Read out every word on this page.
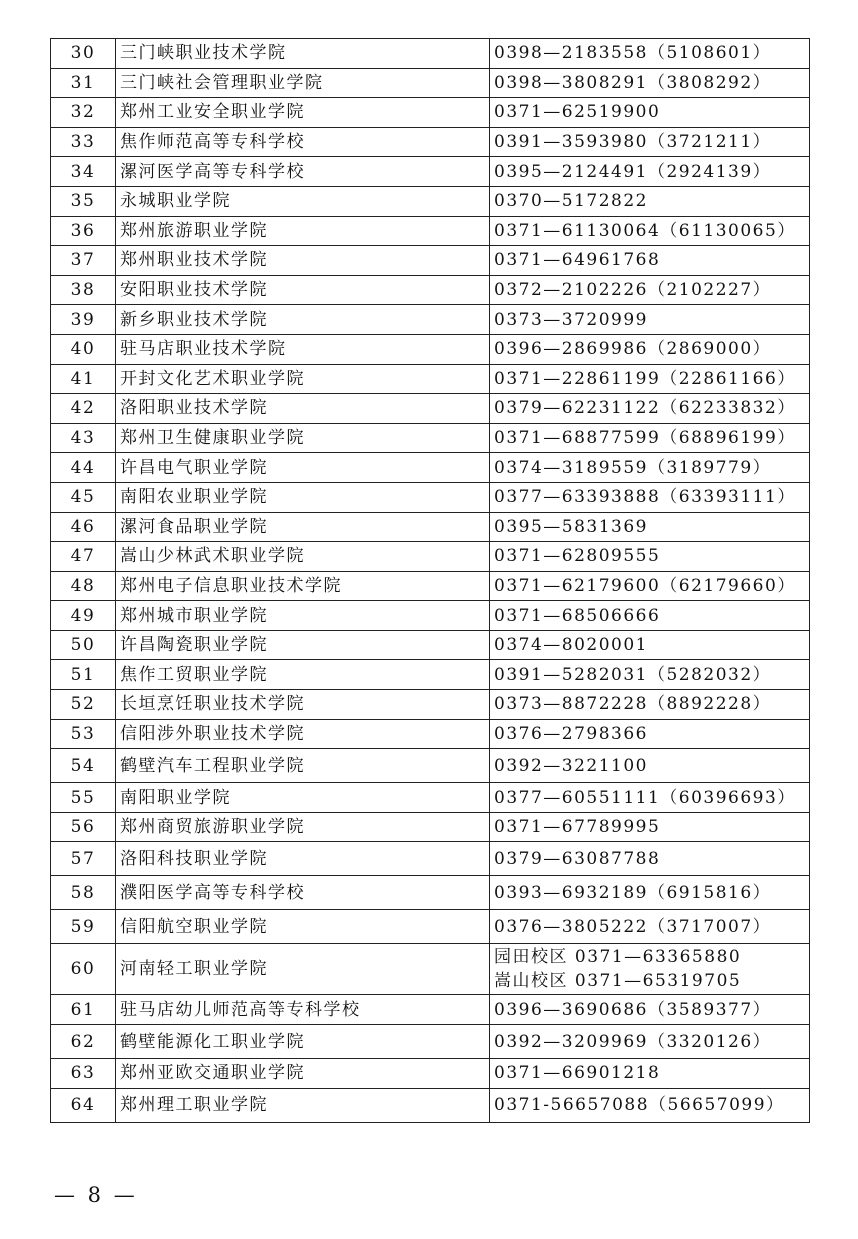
30	三门峡职业技术学院	0398—2183558（5108601）
31	三门峡社会管理职业学院	0398—3808291（3808292）
32	郑州工业安全职业学院	0371—62519900
33	焦作师范高等专科学校	0391—3593980（3721211）
34	漯河医学高等专科学校	0395—2124491（2924139）
35	永城职业学院	0370—5172822
36	郑州旅游职业学院	0371—61130064（61130065）
37	郑州职业技术学院	0371—64961768
38	安阳职业技术学院	0372—2102226（2102227）
39	新乡职业技术学院	0373—3720999
40	驻马店职业技术学院	0396—2869986（2869000）
41	开封文化艺术职业学院	0371—22861199（22861166）
42	洛阳职业技术学院	0379—62231122（62233832）
43	郑州卫生健康职业学院	0371—68877599（68896199）
44	许昌电气职业学院	0374—3189559（3189779）
45	南阳农业职业学院	0377—63393888（63393111）
46	漯河食品职业学院	0395—5831369
47	嵩山少林武术职业学院	0371—62809555
48	郑州电子信息职业技术学院	0371—62179600（62179660）
49	郑州城市职业学院	0371—68506666
50	许昌陶瓷职业学院	0374—8020001
51	焦作工贸职业学院	0391—5282031（5282032）
52	长垣烹饪职业技术学院	0373—8872228（8892228）
53	信阳涉外职业技术学院	0376—2798366
54	鹤壁汽车工程职业学院	0392—3221100
55	南阳职业学院	0377—60551111（60396693）
56	郑州商贸旅游职业学院	0371—67789995
57	洛阳科技职业学院	0379—63087788
58	濮阳医学高等专科学校	0393—6932189（6915816）
59	信阳航空职业学院	0376—3805222（3717007）
60	河南轻工职业学院	园田校区 0371—63365880
嵩山校区 0371—65319705

61	驻马店幼儿师范高等专科学校	0396—3690686（3589377）
62	鹤壁能源化工职业学院	0392—3209969（3320126）
63	郑州亚欧交通职业学院	0371—66901218
64	郑州理工职业学院	0371-56657088（56657099）
— 8 —
